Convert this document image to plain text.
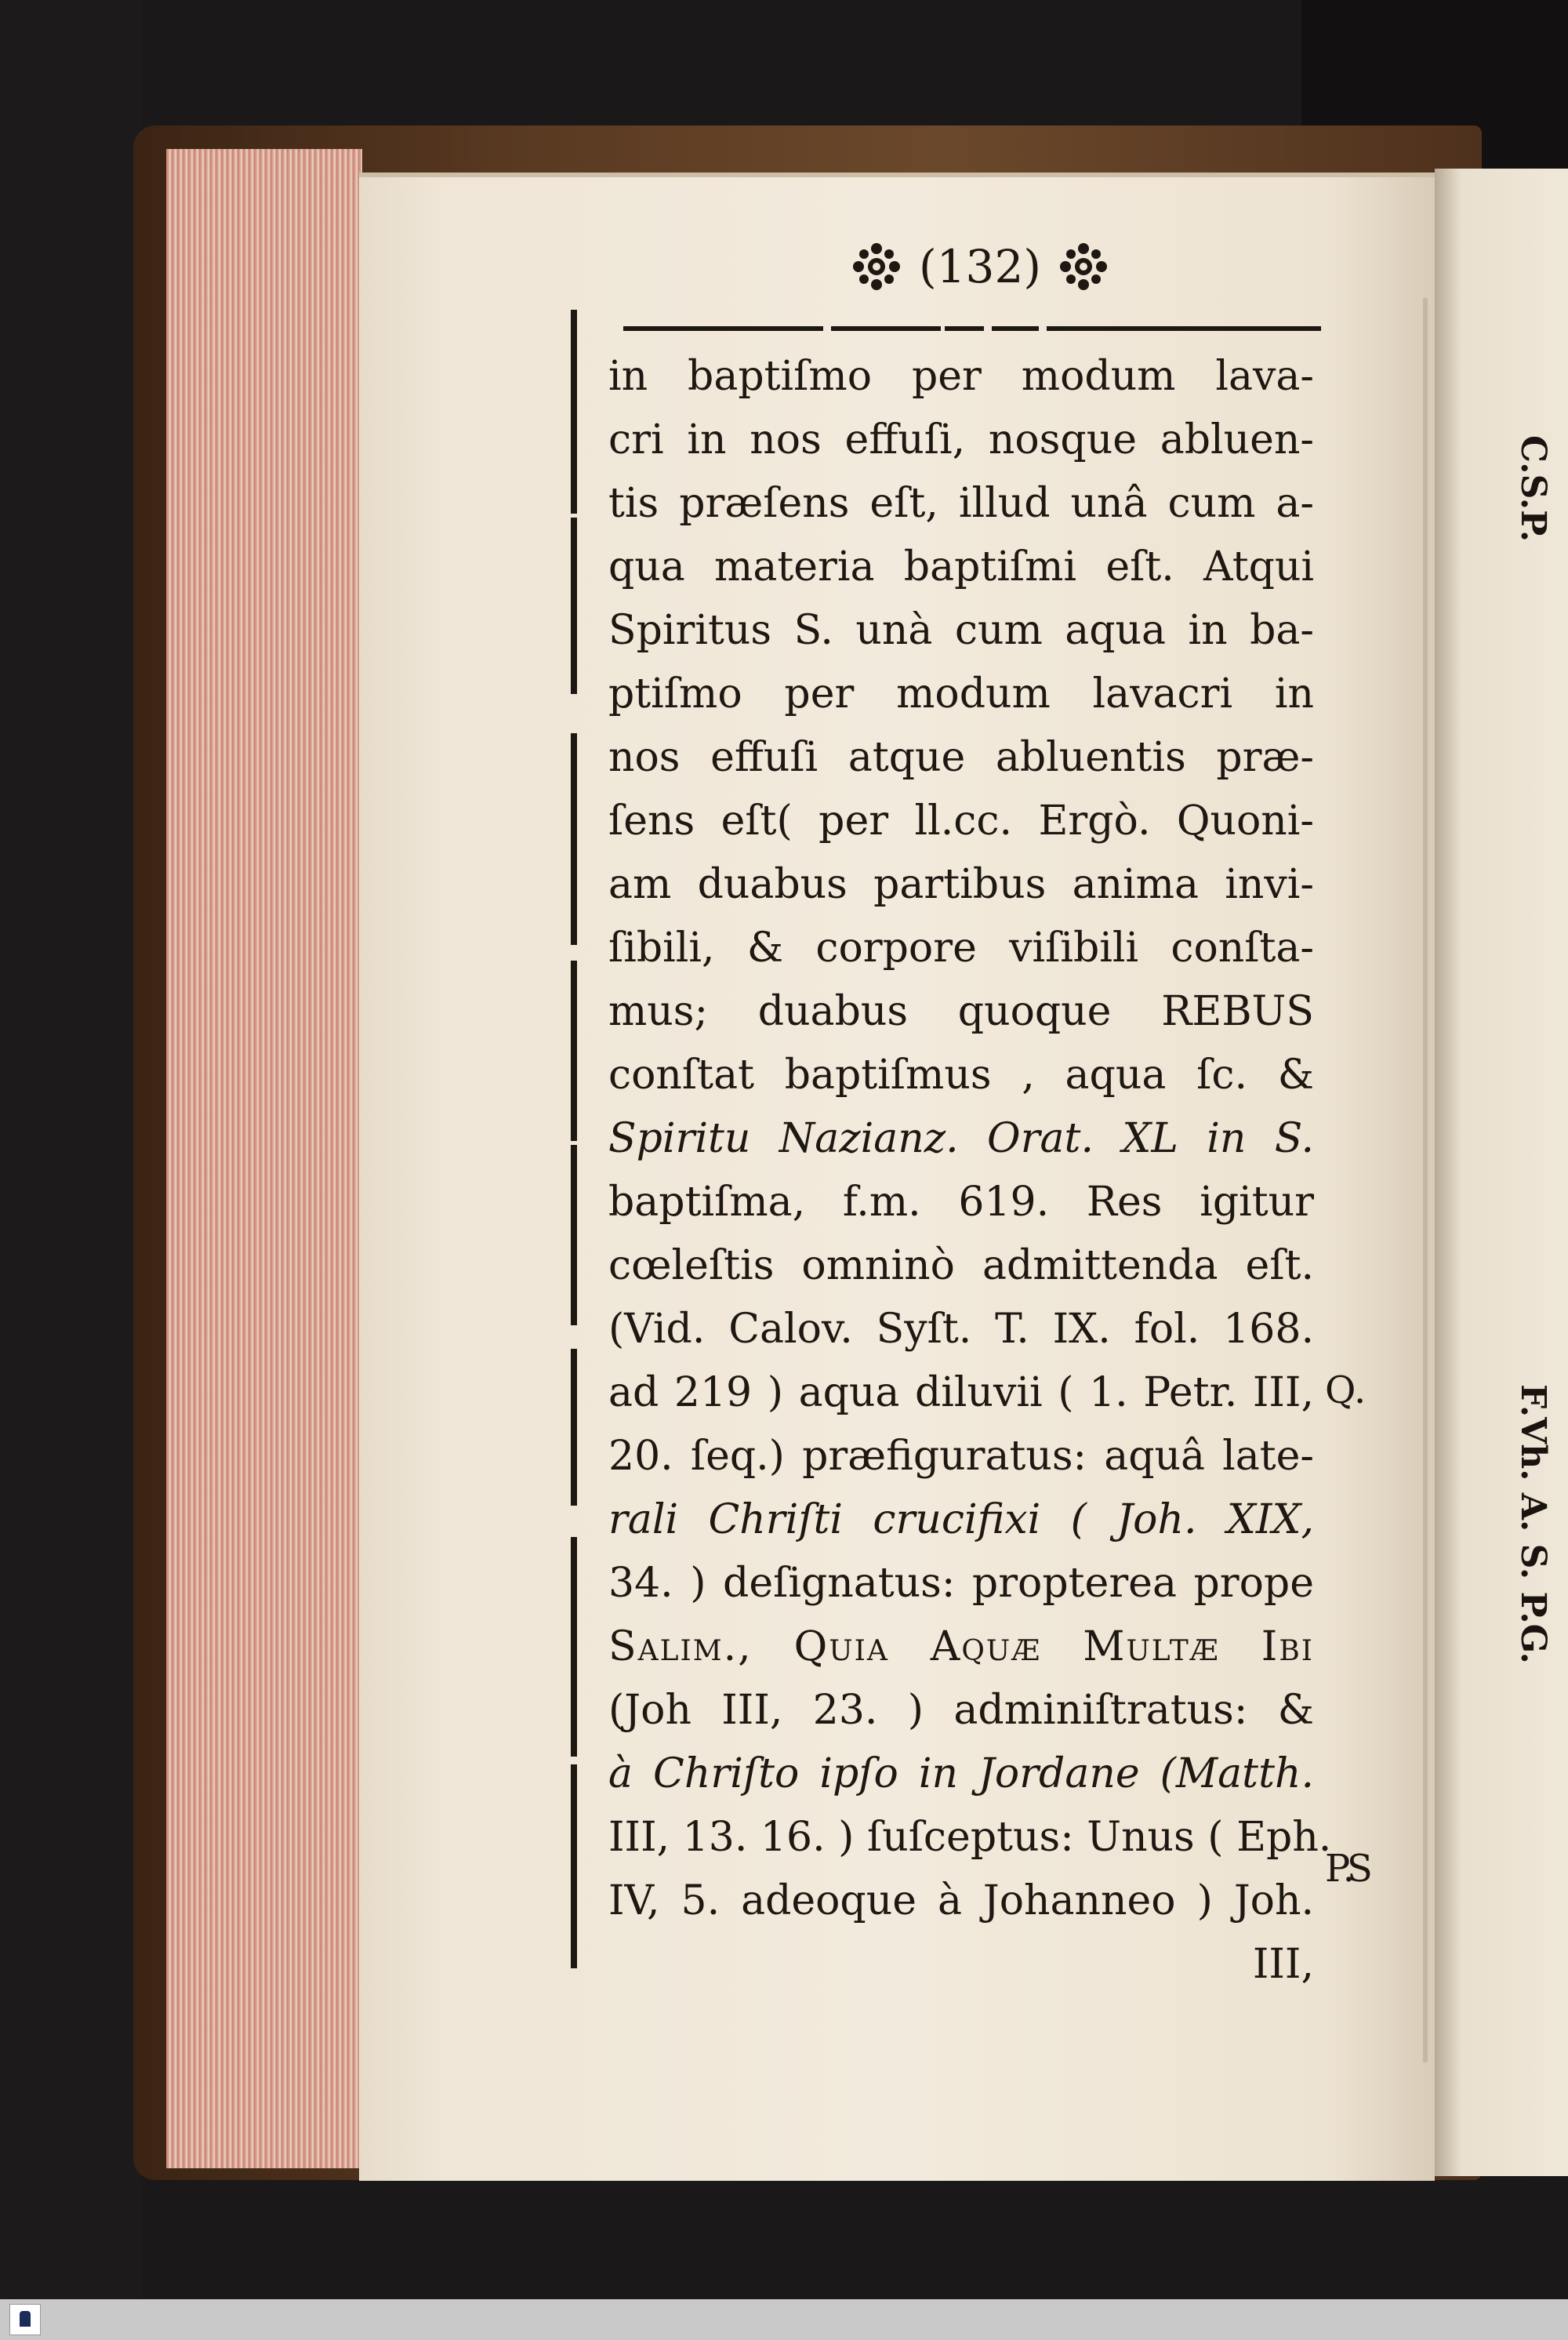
C.S.P.
F.Vh. A. S. P.G.
(132)
in baptiſmo per modum lava-
cri in nos effuſi, nosque abluen-
tis præſens eſt, illud unâ cum a-
qua materia baptiſmi eſt. Atqui
Spiritus S. unà cum aqua in ba-
ptiſmo per modum lavacri in
nos effuſi atque abluentis præ-
ſens eſt( per ll.cc. Ergò. Quoni-
am duabus partibus anima invi-
ſibili, & corpore viſibili conſta-
mus; duabus quoque REBUS
conſtat baptiſmus , aqua ſc. &
Spiritu Nazianz. Orat. XL in S.
baptiſma, f.m. 619. Res igitur
cœleſtis omninò admittenda eſt.
(Vid. Calov. Syſt. T. IX. fol. 168.
ad 219 ) aqua diluvii ( 1. Petr. III,
20. ſeq.) præfiguratus: aquâ late-
rali Chriſti crucifixi ( Joh. XIX,
34. ) deſignatus: propterea prope
Salim., Quia Aquæ Multæ Ibi
(Joh III, 23. ) adminiſtratus: &
à Chriſto ipſo in Jordane (Matth.
III, 13. 16. ) ſuſceptus: Unus ( Eph.
IV, 5. adeoque à Johanneo ) Joh.
III,
Q.
P.
S
